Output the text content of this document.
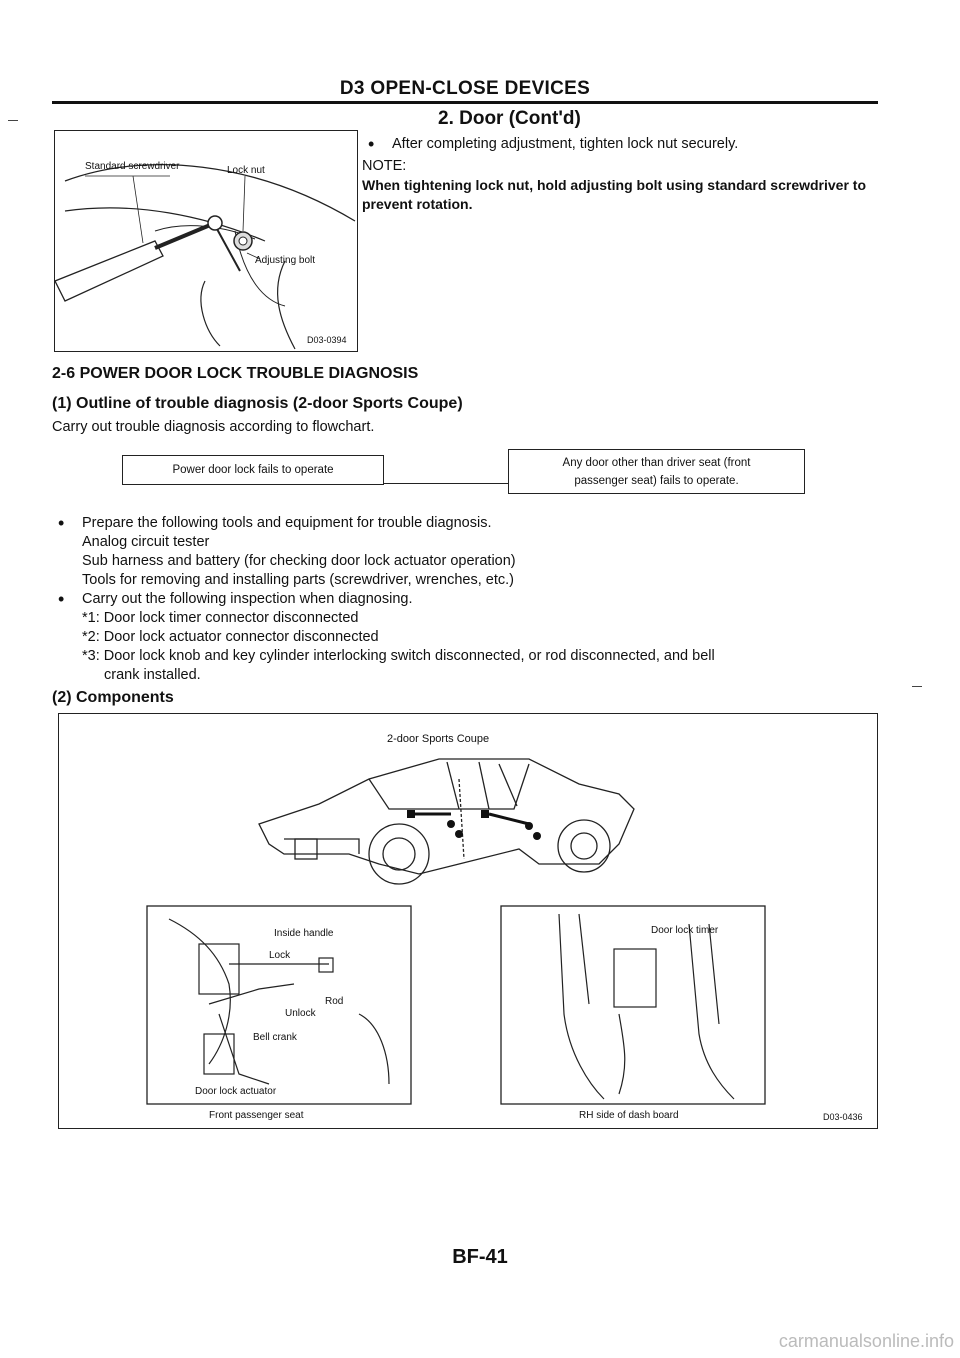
D3 OPEN-CLOSE DEVICES
2. Door (Cont'd)
Standard screwdriver	Lock nut
Adjusting bolt
D03-0394
• After completing adjustment, tighten lock nut securely.
NOTE:
When tightening lock nut, hold adjusting bolt using standard screwdriver to prevent rotation.
2-6 POWER DOOR LOCK TROUBLE DIAGNOSIS
(1) Outline of trouble diagnosis (2-door Sports Coupe)
Carry out trouble diagnosis according to flowchart.
Power door lock fails to operate
Any door other than driver seat (front
passenger seat) fails to operate.
• Prepare the following tools and equipment for trouble diagnosis.
Analog circuit tester
Sub harness and battery (for checking door lock actuator operation)
Tools for removing and installing parts (screwdriver, wrenches, etc.)
• Carry out the following inspection when diagnosing.
*1: Door lock timer connector disconnected
*2: Door lock actuator connector disconnected
*3: Door lock knob and key cylinder interlocking switch disconnected, or rod disconnected, and bell
crank installed.
(2) Components
2-door Sports Coupe
Inside handle
Lock
Rod
Unlock
Bell crank
Door lock actuator
Front passenger seat
Door lock timer
RH side of dash board	D03-0436
BF-41
carmanualsonline.info
